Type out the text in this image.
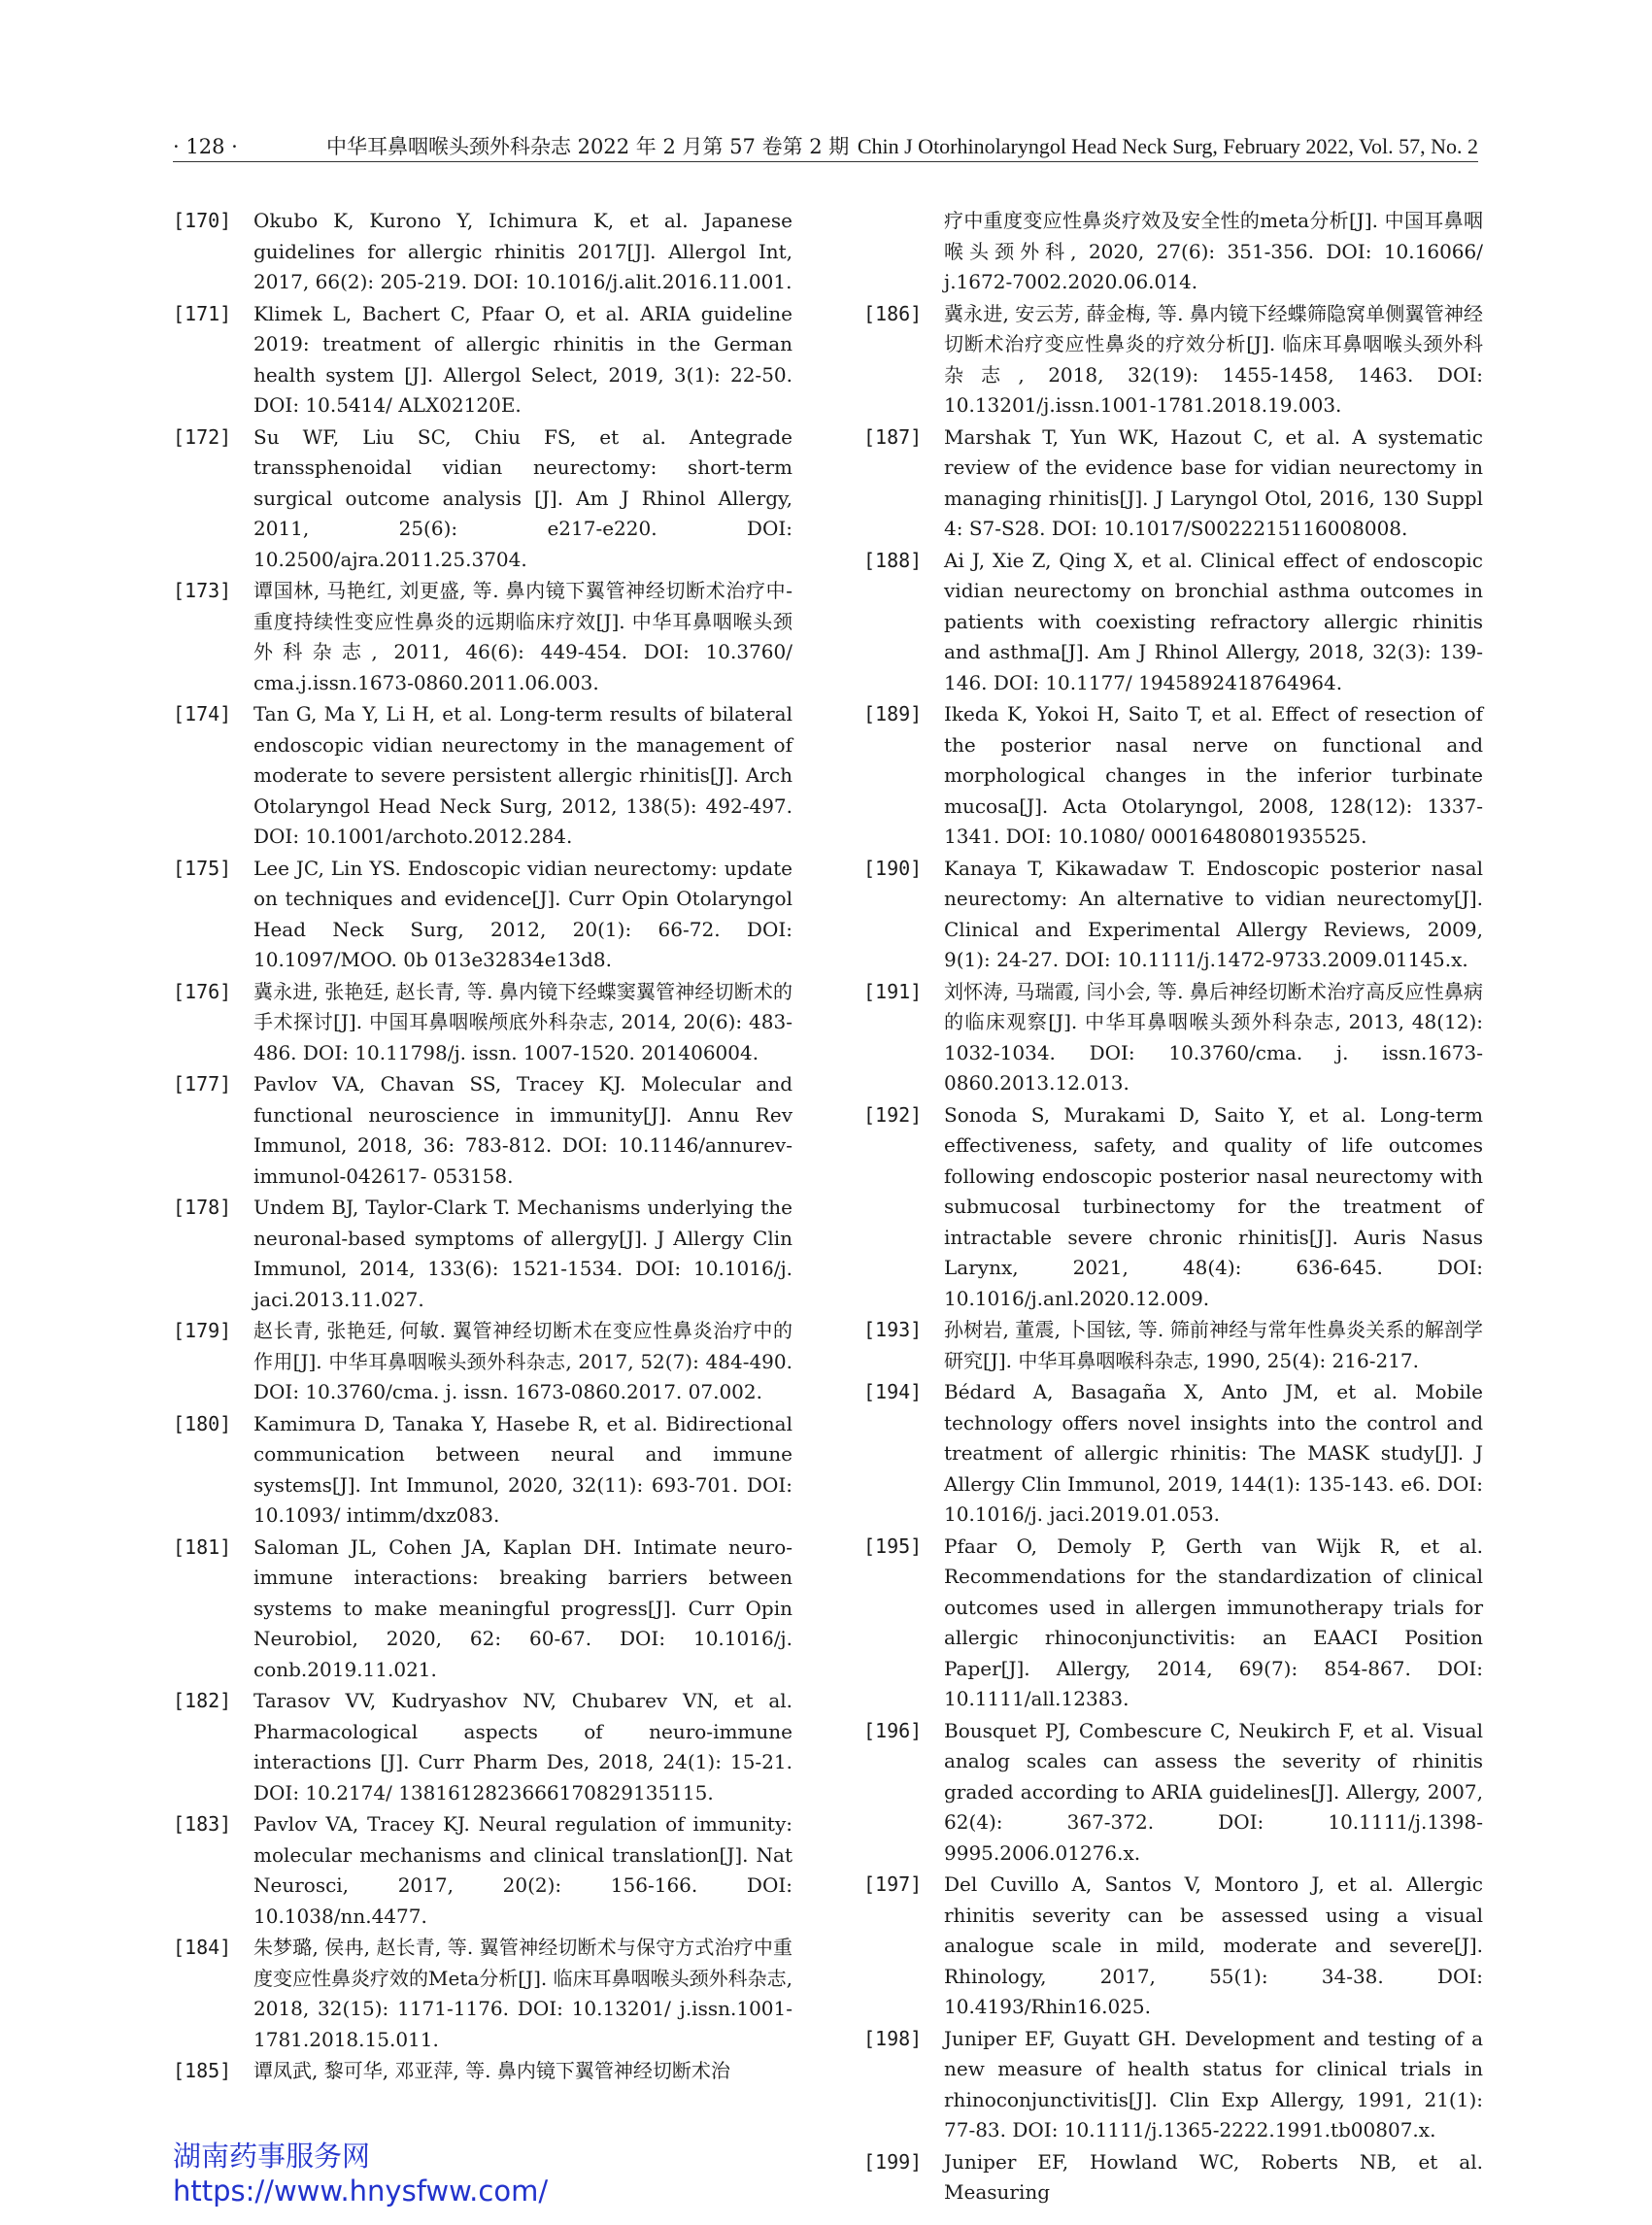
· 128 ·	中华耳鼻咽喉头颈外科杂志 2022 年 2 月第 57 卷第 2 期 Chin J Otorhinolaryngol Head Neck Surg, February 2022, Vol. 57, No. 2
[170] Okubo K, Kurono Y, Ichimura K, et al. Japanese guidelines for allergic rhinitis 2017[J]. Allergol Int, 2017, 66(2): 205-219. DOI: 10.1016/j.alit.2016.11.001.
[171] Klimek L, Bachert C, Pfaar O, et al. ARIA guideline 2019: treatment of allergic rhinitis in the German health system [J]. Allergol Select, 2019, 3(1): 22-50. DOI: 10.5414/ ALX02120E.
[172] Su WF, Liu SC, Chiu FS, et al. Antegrade transsphenoidal vidian neurectomy: short-term surgical outcome analysis [J]. Am J Rhinol Allergy, 2011, 25(6): e217-e220. DOI: 10.2500/ajra.2011.25.3704.
[173] 谭国林, 马艳红, 刘更盛, 等. 鼻内镜下翼管神经切断术治疗中-重度持续性变应性鼻炎的远期临床疗效[J]. 中华耳鼻咽喉头颈外科杂志, 2011, 46(6): 449-454. DOI: 10.3760/ cma.j.issn.1673-0860.2011.06.003.
[174] Tan G, Ma Y, Li H, et al. Long-term results of bilateral endoscopic vidian neurectomy in the management of moderate to severe persistent allergic rhinitis[J]. Arch Otolaryngol Head Neck Surg, 2012, 138(5): 492-497. DOI: 10.1001/archoto.2012.284.
[175] Lee JC, Lin YS. Endoscopic vidian neurectomy: update on techniques and evidence[J]. Curr Opin Otolaryngol Head Neck Surg, 2012, 20(1): 66-72. DOI: 10.1097/MOO. 0b 013e32834e13d8.
[176] 冀永进, 张艳廷, 赵长青, 等. 鼻内镜下经蝶窦翼管神经切断术的手术探讨[J]. 中国耳鼻咽喉颅底外科杂志, 2014, 20(6): 483-486. DOI: 10.11798/j. issn. 1007-1520. 201406004.
[177] Pavlov VA, Chavan SS, Tracey KJ. Molecular and functional neuroscience in immunity[J]. Annu Rev Immunol, 2018, 36: 783-812. DOI: 10.1146/annurev-immunol-042617- 053158.
[178] Undem BJ, Taylor-Clark T. Mechanisms underlying the neuronal-based symptoms of allergy[J]. J Allergy Clin Immunol, 2014, 133(6): 1521-1534. DOI: 10.1016/j. jaci.2013.11.027.
[179] 赵长青, 张艳廷, 何敏. 翼管神经切断术在变应性鼻炎治疗中的作用[J]. 中华耳鼻咽喉头颈外科杂志, 2017, 52(7): 484-490. DOI: 10.3760/cma. j. issn. 1673-0860.2017. 07.002.
[180] Kamimura D, Tanaka Y, Hasebe R, et al. Bidirectional communication between neural and immune systems[J]. Int Immunol, 2020, 32(11): 693-701. DOI: 10.1093/ intimm/dxz083.
[181] Saloman JL, Cohen JA, Kaplan DH. Intimate neuro-immune interactions: breaking barriers between systems to make meaningful progress[J]. Curr Opin Neurobiol, 2020, 62: 60-67. DOI: 10.1016/j. conb.2019.11.021.
[182] Tarasov VV, Kudryashov NV, Chubarev VN, et al. Pharmacological aspects of neuro-immune interactions [J]. Curr Pharm Des, 2018, 24(1): 15-21. DOI: 10.2174/ 1381612823666170829135115.
[183] Pavlov VA, Tracey KJ. Neural regulation of immunity: molecular mechanisms and clinical translation[J]. Nat Neurosci, 2017, 20(2): 156-166. DOI: 10.1038/nn.4477.
[184] 朱梦璐, 侯冉, 赵长青, 等. 翼管神经切断术与保守方式治疗中重度变应性鼻炎疗效的Meta分析[J]. 临床耳鼻咽喉头颈外科杂志, 2018, 32(15): 1171-1176. DOI: 10.13201/ j.issn.1001-1781.2018.15.011.
[185] 谭凤武, 黎可华, 邓亚萍, 等. 鼻内镜下翼管神经切断术治
疗中重度变应性鼻炎疗效及安全性的meta分析[J]. 中国耳鼻咽喉头颈外科, 2020, 27(6): 351-356. DOI: 10.16066/ j.1672-7002.2020.06.014.
[186] 冀永进, 安云芳, 薛金梅, 等. 鼻内镜下经蝶筛隐窝单侧翼管神经切断术治疗变应性鼻炎的疗效分析[J]. 临床耳鼻咽喉头颈外科杂志, 2018, 32(19): 1455-1458, 1463. DOI: 10.13201/j.issn.1001-1781.2018.19.003.
[187] Marshak T, Yun WK, Hazout C, et al. A systematic review of the evidence base for vidian neurectomy in managing rhinitis[J]. J Laryngol Otol, 2016, 130 Suppl 4: S7-S28. DOI: 10.1017/S0022215116008008.
[188] Ai J, Xie Z, Qing X, et al. Clinical effect of endoscopic vidian neurectomy on bronchial asthma outcomes in patients with coexisting refractory allergic rhinitis and asthma[J]. Am J Rhinol Allergy, 2018, 32(3): 139-146. DOI: 10.1177/ 1945892418764964.
[189] Ikeda K, Yokoi H, Saito T, et al. Effect of resection of the posterior nasal nerve on functional and morphological changes in the inferior turbinate mucosa[J]. Acta Otolaryngol, 2008, 128(12): 1337-1341. DOI: 10.1080/ 00016480801935525.
[190] Kanaya T, Kikawadaw T. Endoscopic posterior nasal neurectomy: An alternative to vidian neurectomy[J]. Clinical and Experimental Allergy Reviews, 2009, 9(1): 24-27. DOI: 10.1111/j.1472-9733.2009.01145.x.
[191] 刘怀涛, 马瑞霞, 闫小会, 等. 鼻后神经切断术治疗高反应性鼻病的临床观察[J]. 中华耳鼻咽喉头颈外科杂志, 2013, 48(12): 1032-1034. DOI: 10.3760/cma. j. issn.1673-0860.2013.12.013.
[192] Sonoda S, Murakami D, Saito Y, et al. Long-term effectiveness, safety, and quality of life outcomes following endoscopic posterior nasal neurectomy with submucosal turbinectomy for the treatment of intractable severe chronic rhinitis[J]. Auris Nasus Larynx, 2021, 48(4): 636-645. DOI: 10.1016/j.anl.2020.12.009.
[193] 孙树岩, 董震, 卜国铉, 等. 筛前神经与常年性鼻炎关系的解剖学研究[J]. 中华耳鼻咽喉科杂志, 1990, 25(4): 216-217.
[194] Bédard A, Basagaña X, Anto JM, et al. Mobile technology offers novel insights into the control and treatment of allergic rhinitis: The MASK study[J]. J Allergy Clin Immunol, 2019, 144(1): 135-143. e6. DOI: 10.1016/j. jaci.2019.01.053.
[195] Pfaar O, Demoly P, Gerth van Wijk R, et al. Recommendations for the standardization of clinical outcomes used in allergen immunotherapy trials for allergic rhinoconjunctivitis: an EAACI Position Paper[J]. Allergy, 2014, 69(7): 854-867. DOI: 10.1111/all.12383.
[196] Bousquet PJ, Combescure C, Neukirch F, et al. Visual analog scales can assess the severity of rhinitis graded according to ARIA guidelines[J]. Allergy, 2007, 62(4): 367-372. DOI: 10.1111/j.1398-9995.2006.01276.x.
[197] Del Cuvillo A, Santos V, Montoro J, et al. Allergic rhinitis severity can be assessed using a visual analogue scale in mild, moderate and severe[J]. Rhinology, 2017, 55(1): 34-38. DOI: 10.4193/Rhin16.025.
[198] Juniper EF, Guyatt GH. Development and testing of a new measure of health status for clinical trials in rhinoconjunctivitis[J]. Clin Exp Allergy, 1991, 21(1): 77-83. DOI: 10.1111/j.1365-2222.1991.tb00807.x.
[199] Juniper EF, Howland WC, Roberts NB, et al. Measuring
湖南药事服务网
https://www.hnysfww.com/
